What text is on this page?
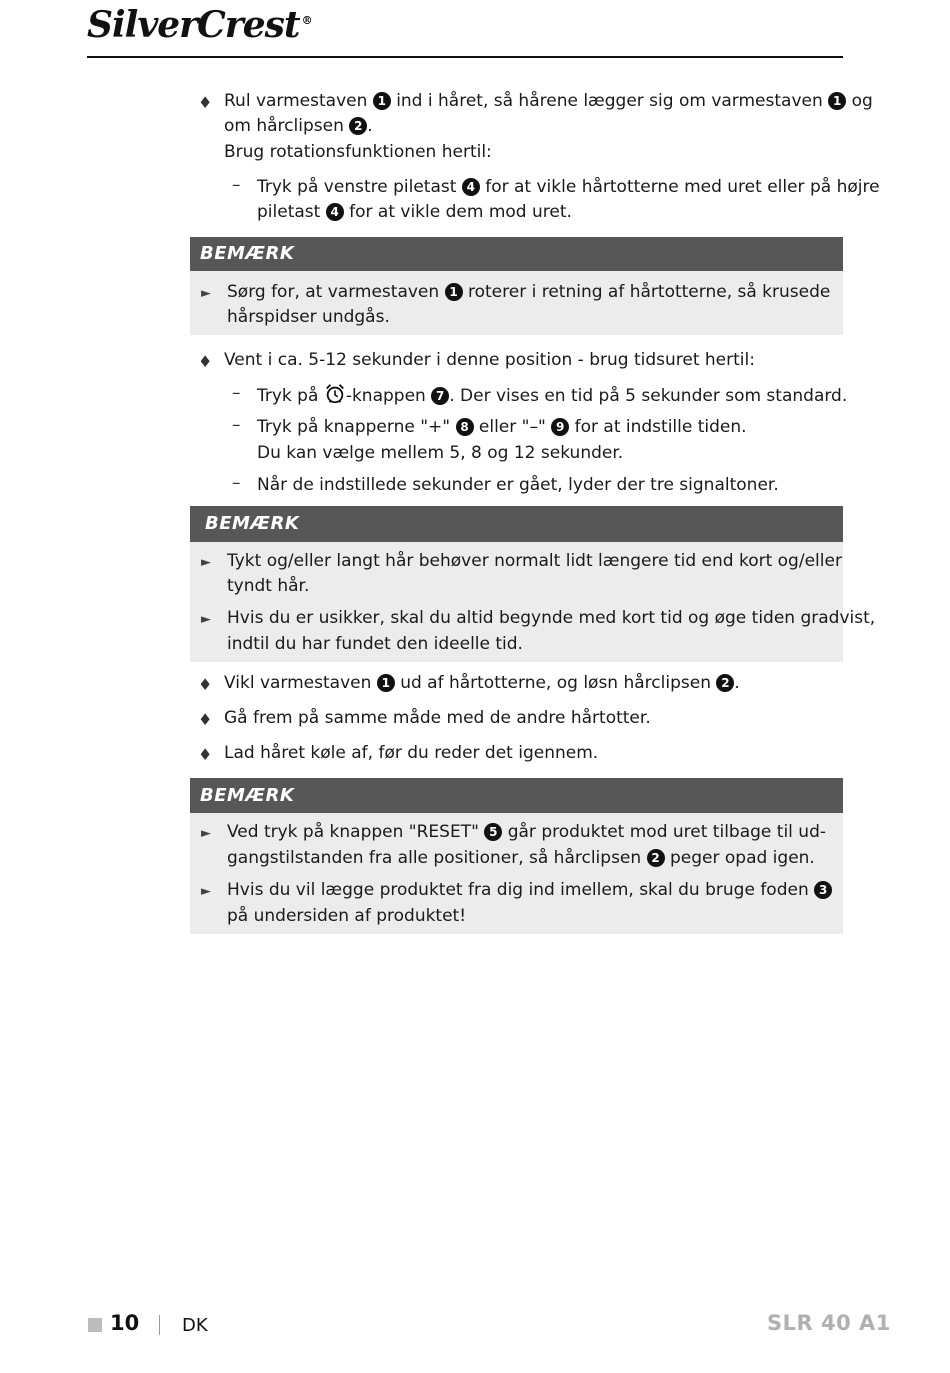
SilverCrest ®
♦ Rul varmestaven 1 ind i håret, så hårene lægger sig om varmestaven 1 og
om hårclipsen 2 .
Brug rotationsfunktionen hertil:
– Tryk på venstre piletast 4 for at vikle hårtotterne med uret eller på højre
piletast 4 for at vikle dem mod uret.
BEMÆRK
► Sørg for, at varmestaven 1 roterer i retning af hårtotterne, så krusede
hårspidser undgås.
♦ Vent i ca. 5-12 sekunder i denne position - brug tidsuret hertil:
– Tryk på -knappen 7 . Der vises en tid på 5 sekunder som standard.
– Tryk på knapperne "+" 8 eller "–" 9 for at indstille tiden.
Du kan vælge mellem 5, 8 og 12 sekunder.
– Når de indstillede sekunder er gået, lyder der tre signaltoner.
BEMÆRK
► Tykt og/eller langt hår behøver normalt lidt længere tid end kort og/eller
tyndt hår.
► Hvis du er usikker, skal du altid begynde med kort tid og øge tiden gradvist,
indtil du har fundet den ideelle tid.
♦ Vikl varmestaven 1 ud af hårtotterne, og løsn hårclipsen 2 .
♦ Gå frem på samme måde med de andre hårtotter.
♦ Lad håret køle af, før du reder det igennem.
BEMÆRK
► Ved tryk på knappen "RESET" 5 går produktet mod uret tilbage til ud-
gangstilstanden fra alle positioner, så hårclipsen 2 peger opad igen.
► Hvis du vil lægge produktet fra dig ind imellem, skal du bruge foden 3
på undersiden af produktet!
10 DK	SLR 40 A1
